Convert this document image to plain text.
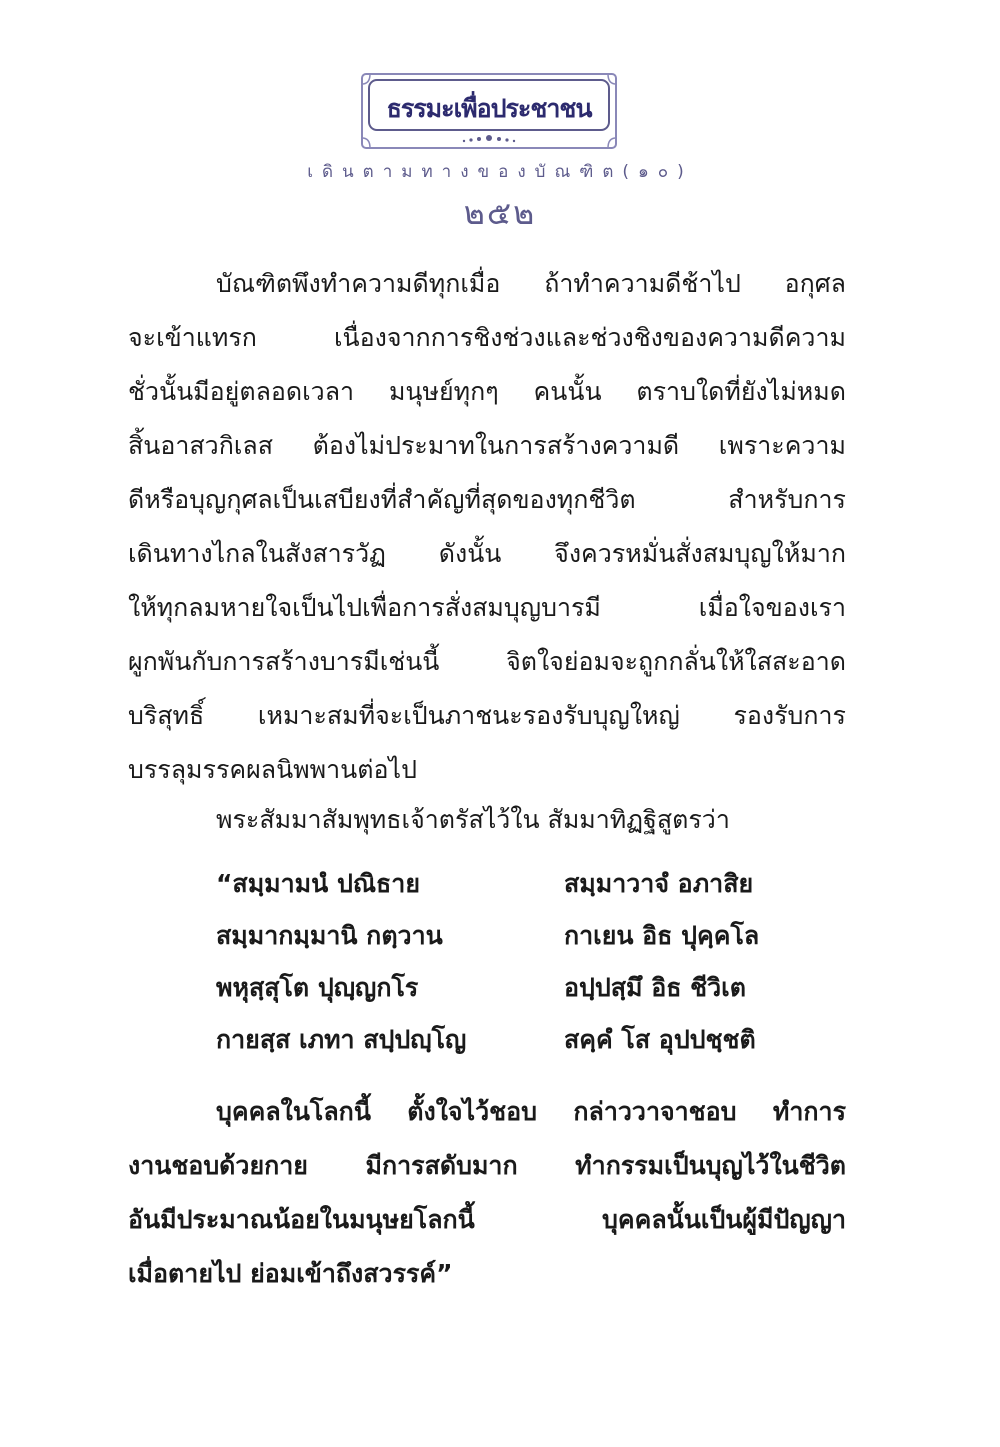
ธรรมะเพื่อประชาชน
เดินตามทางของบัณฑิต(๑๐)
๒๕๒

บัณฑิตพึงทำความดีทุกเมื่อ ถ้าทำความดีช้าไป อกุศล
จะเข้าแทรก เนื่องจากการชิงช่วงและช่วงชิงของความดีความ
ชั่วนั้นมีอยู่ตลอดเวลา มนุษย์ทุกๆ คนนั้น ตราบใดที่ยังไม่หมด
สิ้นอาสวกิเลส ต้องไม่ประมาทในการสร้างความดี เพราะความ
ดีหรือบุญกุศลเป็นเสบียงที่สำคัญที่สุดของทุกชีวิต สำหรับการ
เดินทางไกลในสังสารวัฏ ดังนั้น จึงควรหมั่นสั่งสมบุญให้มาก
ให้ทุกลมหายใจเป็นไปเพื่อการสั่งสมบุญบารมี เมื่อใจของเรา
ผูกพันกับการสร้างบารมีเช่นนี้ จิตใจย่อมจะถูกกลั่นให้ใสสะอาด
บริสุทธิ์ เหมาะสมที่จะเป็นภาชนะรองรับบุญใหญ่ รองรับการ
บรรลุมรรคผลนิพพานต่อไป

พระสัมมาสัมพุทธเจ้าตรัสไว้ใน สัมมาทิฏฐิสูตรว่า
“สมฺมามนํ ปณิธาย	สมฺมาวาจํ อภาสิย
สมฺมากมฺมานิ กตฺวาน	กาเยน อิธ ปุคฺคโล
พหุสฺสุโต ปุญฺญกโร	อปฺปสฺมึ อิธ ชีวิเต
กายสฺส เภทา สปฺปญฺโญ	สคฺคํ โส อุปปชฺชติ

บุคคลในโลกนี้ ตั้งใจไว้ชอบ กล่าววาจาชอบ ทำการ
งานชอบด้วยกาย มีการสดับมาก ทำกรรมเป็นบุญไว้ในชีวิต
อันมีประมาณน้อยในมนุษยโลกนี้ บุคคลนั้นเป็นผู้มีปัญญา
เมื่อตายไป ย่อมเข้าถึงสวรรค์”
